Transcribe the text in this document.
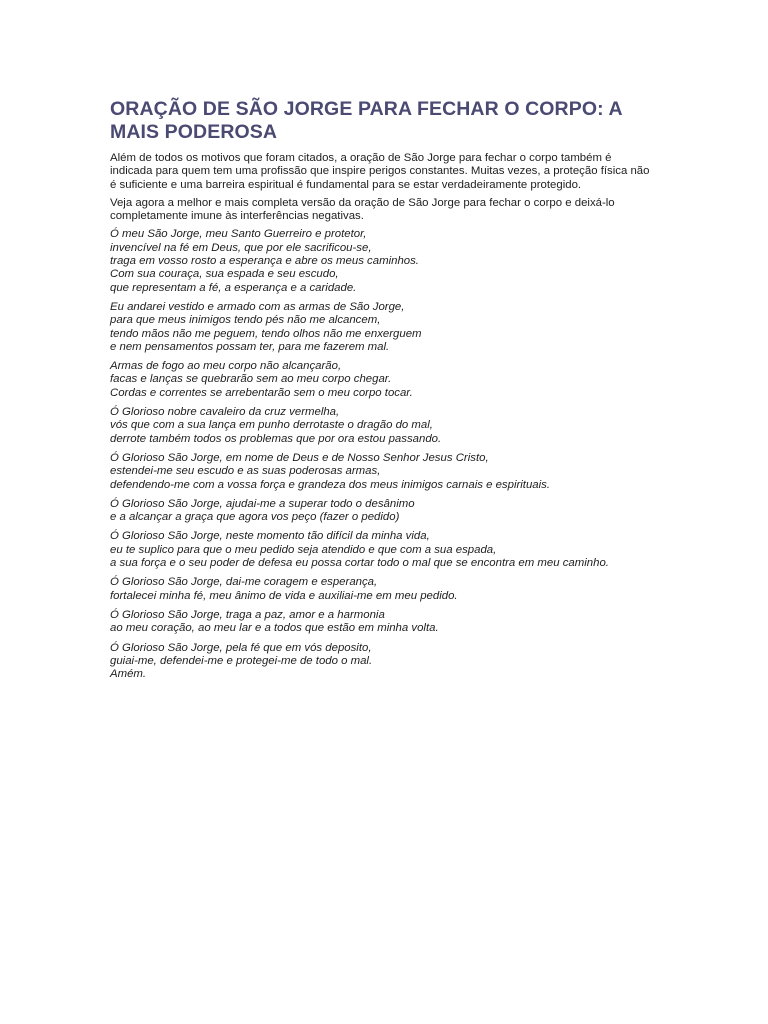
ORAÇÃO DE SÃO JORGE PARA FECHAR O CORPO: A MAIS PODEROSA

Além de todos os motivos que foram citados, a oração de São Jorge para fechar o corpo também é indicada para quem tem uma profissão que inspire perigos constantes. Muitas vezes, a proteção física não é suficiente e uma barreira espiritual é fundamental para se estar verdadeiramente protegido.

Veja agora a melhor e mais completa versão da oração de São Jorge para fechar o corpo e deixá-lo completamente imune às interferências negativas.

Ó meu São Jorge, meu Santo Guerreiro e protetor,
invencível na fé em Deus, que por ele sacrificou-se,
traga em vosso rosto a esperança e abre os meus caminhos.
Com sua couraça, sua espada e seu escudo,
que representam a fé, a esperança e a caridade.
Eu andarei vestido e armado com as armas de São Jorge,
para que meus inimigos tendo pés não me alcancem,
tendo mãos não me peguem, tendo olhos não me enxerguem
e nem pensamentos possam ter, para me fazerem mal.
Armas de fogo ao meu corpo não alcançarão,
facas e lanças se quebrarão sem ao meu corpo chegar.
Cordas e correntes se arrebentarão sem o meu corpo tocar.
Ó Glorioso nobre cavaleiro da cruz vermelha,
vós que com a sua lança em punho derrotaste o dragão do mal,
derrote também todos os problemas que por ora estou passando.
Ó Glorioso São Jorge, em nome de Deus e de Nosso Senhor Jesus Cristo,
estendei-me seu escudo e as suas poderosas armas,
defendendo-me com a vossa força e grandeza dos meus inimigos carnais e espirituais.
Ó Glorioso São Jorge, ajudai-me a superar todo o desânimo
e a alcançar a graça que agora vos peço (fazer o pedido)
Ó Glorioso São Jorge, neste momento tão difícil da minha vida,
eu te suplico para que o meu pedido seja atendido e que com a sua espada,
a sua força e o seu poder de defesa eu possa cortar todo o mal que se encontra em meu caminho.
Ó Glorioso São Jorge, dai-me coragem e esperança,
fortalecei minha fé, meu ânimo de vida e auxiliai-me em meu pedido.
Ó Glorioso São Jorge, traga a paz, amor e a harmonia
ao meu coração, ao meu lar e a todos que estão em minha volta.
Ó Glorioso São Jorge, pela fé que em vós deposito,
guiai-me, defendei-me e protegei-me de todo o mal.
Amém.
